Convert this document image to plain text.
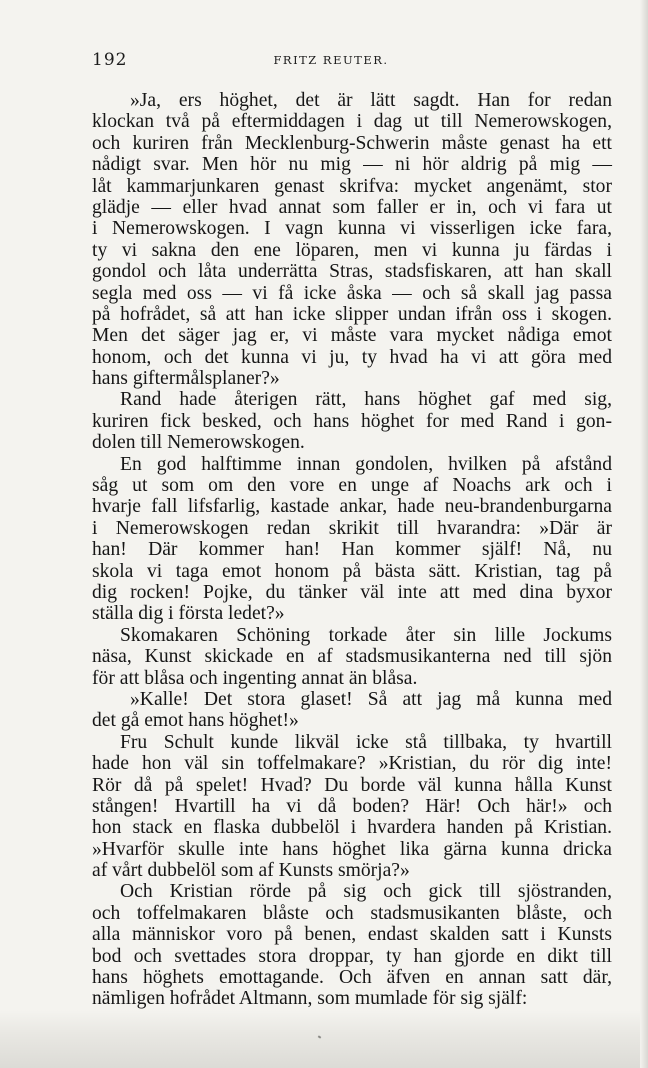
192	FRITZ REUTER.
»Ja, ers höghet, det är lätt sagdt. Han for redan
klockan två på eftermiddagen i dag ut till Nemerowskogen,
och kuriren från Mecklenburg-Schwerin måste genast ha ett
nådigt svar. Men hör nu mig — ni hör aldrig på mig —
låt kammarjunkaren genast skrifva: mycket angenämt, stor
glädje — eller hvad annat som faller er in, och vi fara ut
i Nemerowskogen. I vagn kunna vi visserligen icke fara,
ty vi sakna den ene löparen, men vi kunna ju färdas i
gondol och låta underrätta Stras, stadsfiskaren, att han skall
segla med oss — vi få icke åska — och så skall jag passa
på hofrådet, så att han icke slipper undan ifrån oss i skogen.
Men det säger jag er, vi måste vara mycket nådiga emot
honom, och det kunna vi ju, ty hvad ha vi att göra med
hans giftermålsplaner?»
Rand hade återigen rätt, hans höghet gaf med sig,
kuriren fick besked, och hans höghet for med Rand i gon-
dolen till Nemerowskogen.
En god halftimme innan gondolen, hvilken på afstånd
såg ut som om den vore en unge af Noachs ark och i
hvarje fall lifsfarlig, kastade ankar, hade neu-brandenburgarna
i Nemerowskogen redan skrikit till hvarandra: »Där är
han! Där kommer han! Han kommer själf! Nå, nu
skola vi taga emot honom på bästa sätt. Kristian, tag på
dig rocken! Pojke, du tänker väl inte att med dina byxor
ställa dig i första ledet?»
Skomakaren Schöning torkade åter sin lille Jockums
näsa, Kunst skickade en af stadsmusikanterna ned till sjön
för att blåsa och ingenting annat än blåsa.
»Kalle! Det stora glaset! Så att jag må kunna med
det gå emot hans höghet!»
Fru Schult kunde likväl icke stå tillbaka, ty hvartill
hade hon väl sin toffelmakare? »Kristian, du rör dig inte!
Rör då på spelet! Hvad? Du borde väl kunna hålla Kunst
stången! Hvartill ha vi då boden? Här! Och här!» och
hon stack en flaska dubbelöl i hvardera handen på Kristian.
»Hvarför skulle inte hans höghet lika gärna kunna dricka
af vårt dubbelöl som af Kunsts smörja?»
Och Kristian rörde på sig och gick till sjöstranden,
och toffelmakaren blåste och stadsmusikanten blåste, och
alla människor voro på benen, endast skalden satt i Kunsts
bod och svettades stora droppar, ty han gjorde en dikt till
hans höghets emottagande. Och äfven en annan satt där,
nämligen hofrådet Altmann, som mumlade för sig själf:
